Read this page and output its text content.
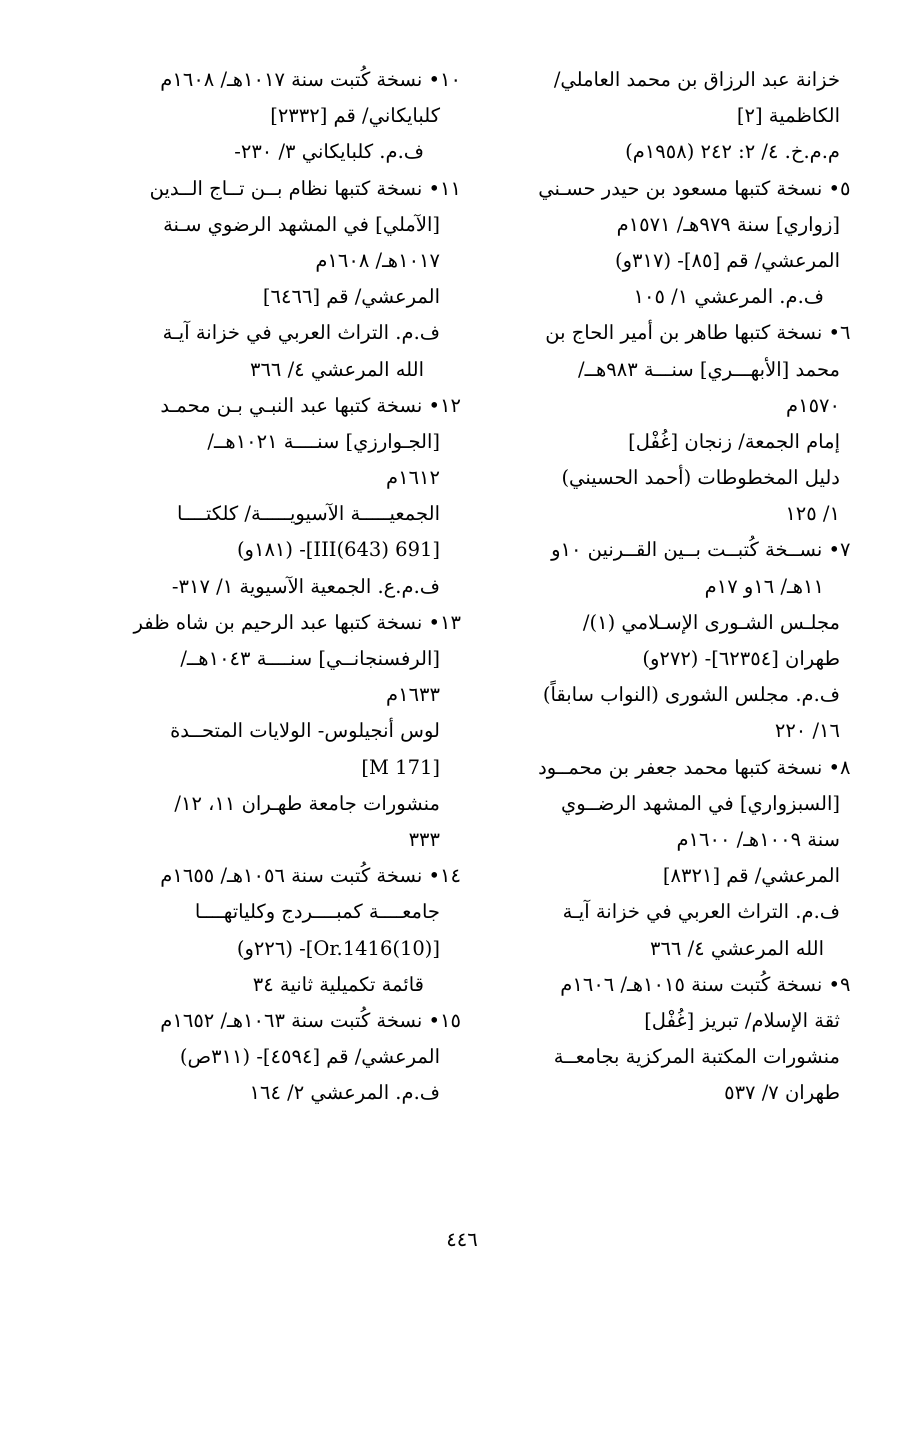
خزانة عبد الرزاق بن محمد العاملي/
الكاظمية [٢]
م.م.خ. ٤/ ٢: ٢٤٢ (١٩٥٨م)
٥
• نسخة كتبها مسعود بن حيدر حسـني
[زواري] سنة ٩٧٩هـ/ ١٥٧١م
المرعشي/ قم [٨٥]- (٣١٧و)
ف.م. المرعشي ١/ ١٠٥
٦
• نسخة كتبها طاهر بن أمير الحاج بن
محمد [الأبهـــري] سنـــة ٩٨٣هــ/
١٥٧٠م
إمام الجمعة/ زنجان [غُفْل]
دليل المخطوطات (أحمد الحسيني)
١/ ١٢٥
٧
• نســخة كُتبــت بــين القــرنين ١٠و
١١هـ/ ١٦و ١٧م
مجلـس الشـورى الإسـلامي (١)/
طهران [٦٢٣٥٤]- (٢٧٢و)
ف.م. مجلس الشورى (النواب سابقاً)
١٦/ ٢٢٠
٨
• نسخة كتبها محمد جعفر بن محمــود
[السبزواري] في المشهد الرضــوي
سنة ١٠٠٩هـ/ ١٦٠٠م
المرعشي/ قم [٨٣٢١]
ف.م. التراث العربي في خزانة آيـة
الله المرعشي ٤/ ٣٦٦
٩
• نسخة كُتبت سنة ١٠١٥هـ/ ١٦٠٦م
ثقة الإسلام/ تبريز [غُفْل]
منشورات المكتبة المركزية بجامعــة
طهران ٧/ ٥٣٧
١٠
• نسخة كُتبت سنة ١٠١٧هـ/ ١٦٠٨م
كلبايكاني/ قم [٢٣٣٢]
ف.م. كلبايكاني ٣/ ٢٣٠-
١١
• نسخة كتبها نظام بــن تــاج الــدين
[الآملي] في المشهد الرضوي سـنة
١٠١٧هـ/ ١٦٠٨م
المرعشي/ قم [٦٤٦٦]
ف.م. التراث العربي في خزانة آيـة
الله المرعشي ٤/ ٣٦٦
١٢
• نسخة كتبها عبد النبـي بـن محمـد
[الجـوارزي] سنــــة ١٠٢١هــ/
١٦١٢م
الجمعيـــــة الآسيويـــــة/ كلكتــــا
[691 III(643)]- (١٨١و)
ف.م.ع. الجمعية الآسيوية ١/ ٣١٧-
١٣
• نسخة كتبها عبد الرحيم بن شاه ظفر
[الرفسنجانــي] سنــــة ١٠٤٣هــ/
١٦٣٣م
لوس أنجيلوس- الولايات المتحــدة
[M 171]
منشورات جامعة طهـران ١١، ١٢/
٣٣٣
١٤
• نسخة كُتبت سنة ١٠٥٦هـ/ ١٦٥٥م
جامعــــة كمبــــردج وكلياتهــــا
[Or.1416(10)]- (٢٢٦و)
قائمة تكميلية ثانية ٣٤
١٥
• نسخة كُتبت سنة ١٠٦٣هـ/ ١٦٥٢م
المرعشي/ قم [٤٥٩٤]- (٣١١ص)
ف.م. المرعشي ٢/ ١٦٤
٤٤٦
